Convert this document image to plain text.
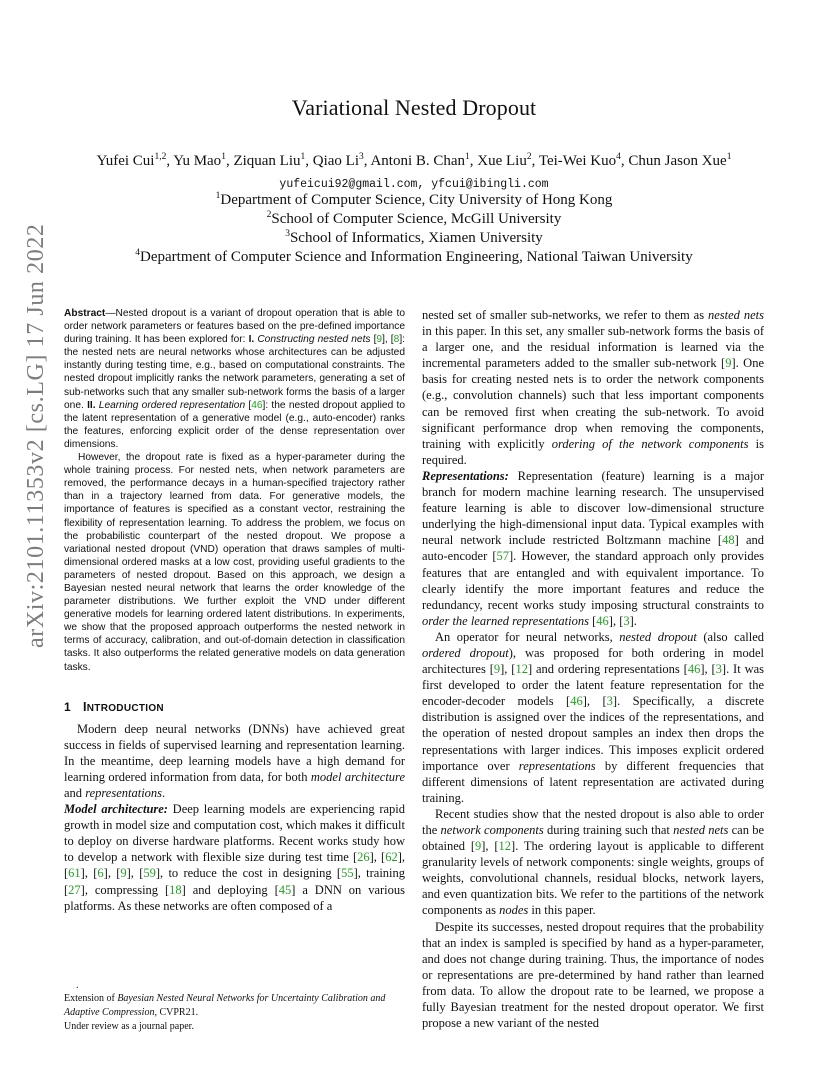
Variational Nested Dropout
Yufei Cui$^{1,2}$, Yu Mao$^1$, Ziquan Liu$^1$, Qiao Li$^3$, Antoni B. Chan$^1$, Xue Liu$^2$, Tei-Wei Kuo$^4$, Chun Jason Xue$^1$
yufeicui92@gmail.com, yfcui@ibingli.com
$^1$Department of Computer Science, City University of Hong Kong
$^2$School of Computer Science, McGill University
$^3$School of Informatics, Xiamen University
$^4$Department of Computer Science and Information Engineering, National Taiwan University
arXiv:2101.11353v2 [cs.LG] 17 Jun 2022 Abstract—Nested dropout is a variant of dropout operation that is able to order network parameters or features based on the pre-defined importance during training. It has been explored for: I. Constructing nested nets [9], [8]: the nested nets are neural networks whose architectures can be adjusted instantly during testing time, e.g., based on computational constraints. The nested dropout implicitly ranks the network parameters, generating a set of sub-networks such that any smaller sub-network forms the basis of a larger one. II. Learning ordered representation [46]: the nested dropout applied to the latent representation of a generative model (e.g., auto-encoder) ranks the features, enforcing explicit order of the dense representation over dimensions.

However, the dropout rate is fixed as a hyper-parameter during the whole training process. For nested nets, when network parameters are removed, the performance decays in a human-specified trajectory rather than in a trajectory learned from data. For generative models, the importance of features is specified as a constant vector, restraining the flexibility of representation learning. To address the problem, we focus on the probabilistic counterpart of the nested dropout. We propose a variational nested dropout (VND) operation that draws samples of multi-dimensional ordered masks at a low cost, providing useful gradients to the parameters of nested dropout. Based on this approach, we design a Bayesian nested neural network that learns the order knowledge of the parameter distributions. We further exploit the VND under different generative models for learning ordered latent distributions. In experiments, we show that the proposed approach outperforms the nested network in terms of accuracy, calibration, and out-of-domain detection in classification tasks. It also outperforms the related generative models on data generation tasks.

1 INTRODUCTION

Modern deep neural networks (DNNs) have achieved great success in fields of supervised learning and representation learning. In the meantime, deep learning models have a high demand for learning ordered information from data, for both model architecture and representations.

Model architecture: Deep learning models are experiencing rapid growth in model size and computation cost, which makes it difficult to deploy on diverse hardware platforms. Recent works study how to develop a network with flexible size during test time [26], [62], [61], [6], [9], [59], to reduce the cost in designing [55], training [27], compressing [18] and deploying [45] a DNN on various platforms. As these networks are often composed of a

nested set of smaller sub-networks, we refer to them as nested nets in this paper. In this set, any smaller sub-network forms the basis of a larger one, and the residual information is learned via the incremental parameters added to the smaller sub-network [9]. One basis for creating nested nets is to order the network components (e.g., convolution channels) such that less important components can be removed first when creating the sub-network. To avoid significant performance drop when removing the components, training with explicitly ordering of the network components is required.

Representations: Representation (feature) learning is a major branch for modern machine learning research. The unsupervised feature learning is able to discover low-dimensional structure underlying the high-dimensional input data. Typical examples with neural network include restricted Boltzmann machine [48] and auto-encoder [57]. However, the standard approach only provides features that are entangled and with equivalent importance. To clearly identify the more important features and reduce the redundancy, recent works study imposing structural constraints to order the learned representations [46], [3].

An operator for neural networks, nested dropout (also called ordered dropout), was proposed for both ordering in model architectures [9], [12] and ordering representations [46], [3]. It was first developed to order the latent feature representation for the encoder-decoder models [46], [3]. Specifically, a discrete distribution is assigned over the indices of the representations, and the operation of nested dropout samples an index then drops the representations with larger indices. This imposes explicit ordered importance over representations by different frequencies that different dimensions of latent representation are activated during training.

Recent studies show that the nested dropout is also able to order the network components during training such that nested nets can be obtained [9], [12]. The ordering layout is applicable to different granularity levels of network components: single weights, groups of weights, convolutional channels, residual blocks, network layers, and even quantization bits. We refer to the partitions of the network components as nodes in this paper.

Despite its successes, nested dropout requires that the probability that an index is sampled is specified by hand as a hyper-parameter, and does not change during training. Thus, the importance of nodes or representations are pre-determined by hand rather than learned from data. To allow the dropout rate to be learned, we propose a fully Bayesian treatment for the nested dropout operator. We first propose a new variant of the nested

.
Extension of Bayesian Nested Neural Networks for Uncertainty Calibration and Adaptive Compression, CVPR21.
Under review as a journal paper.
